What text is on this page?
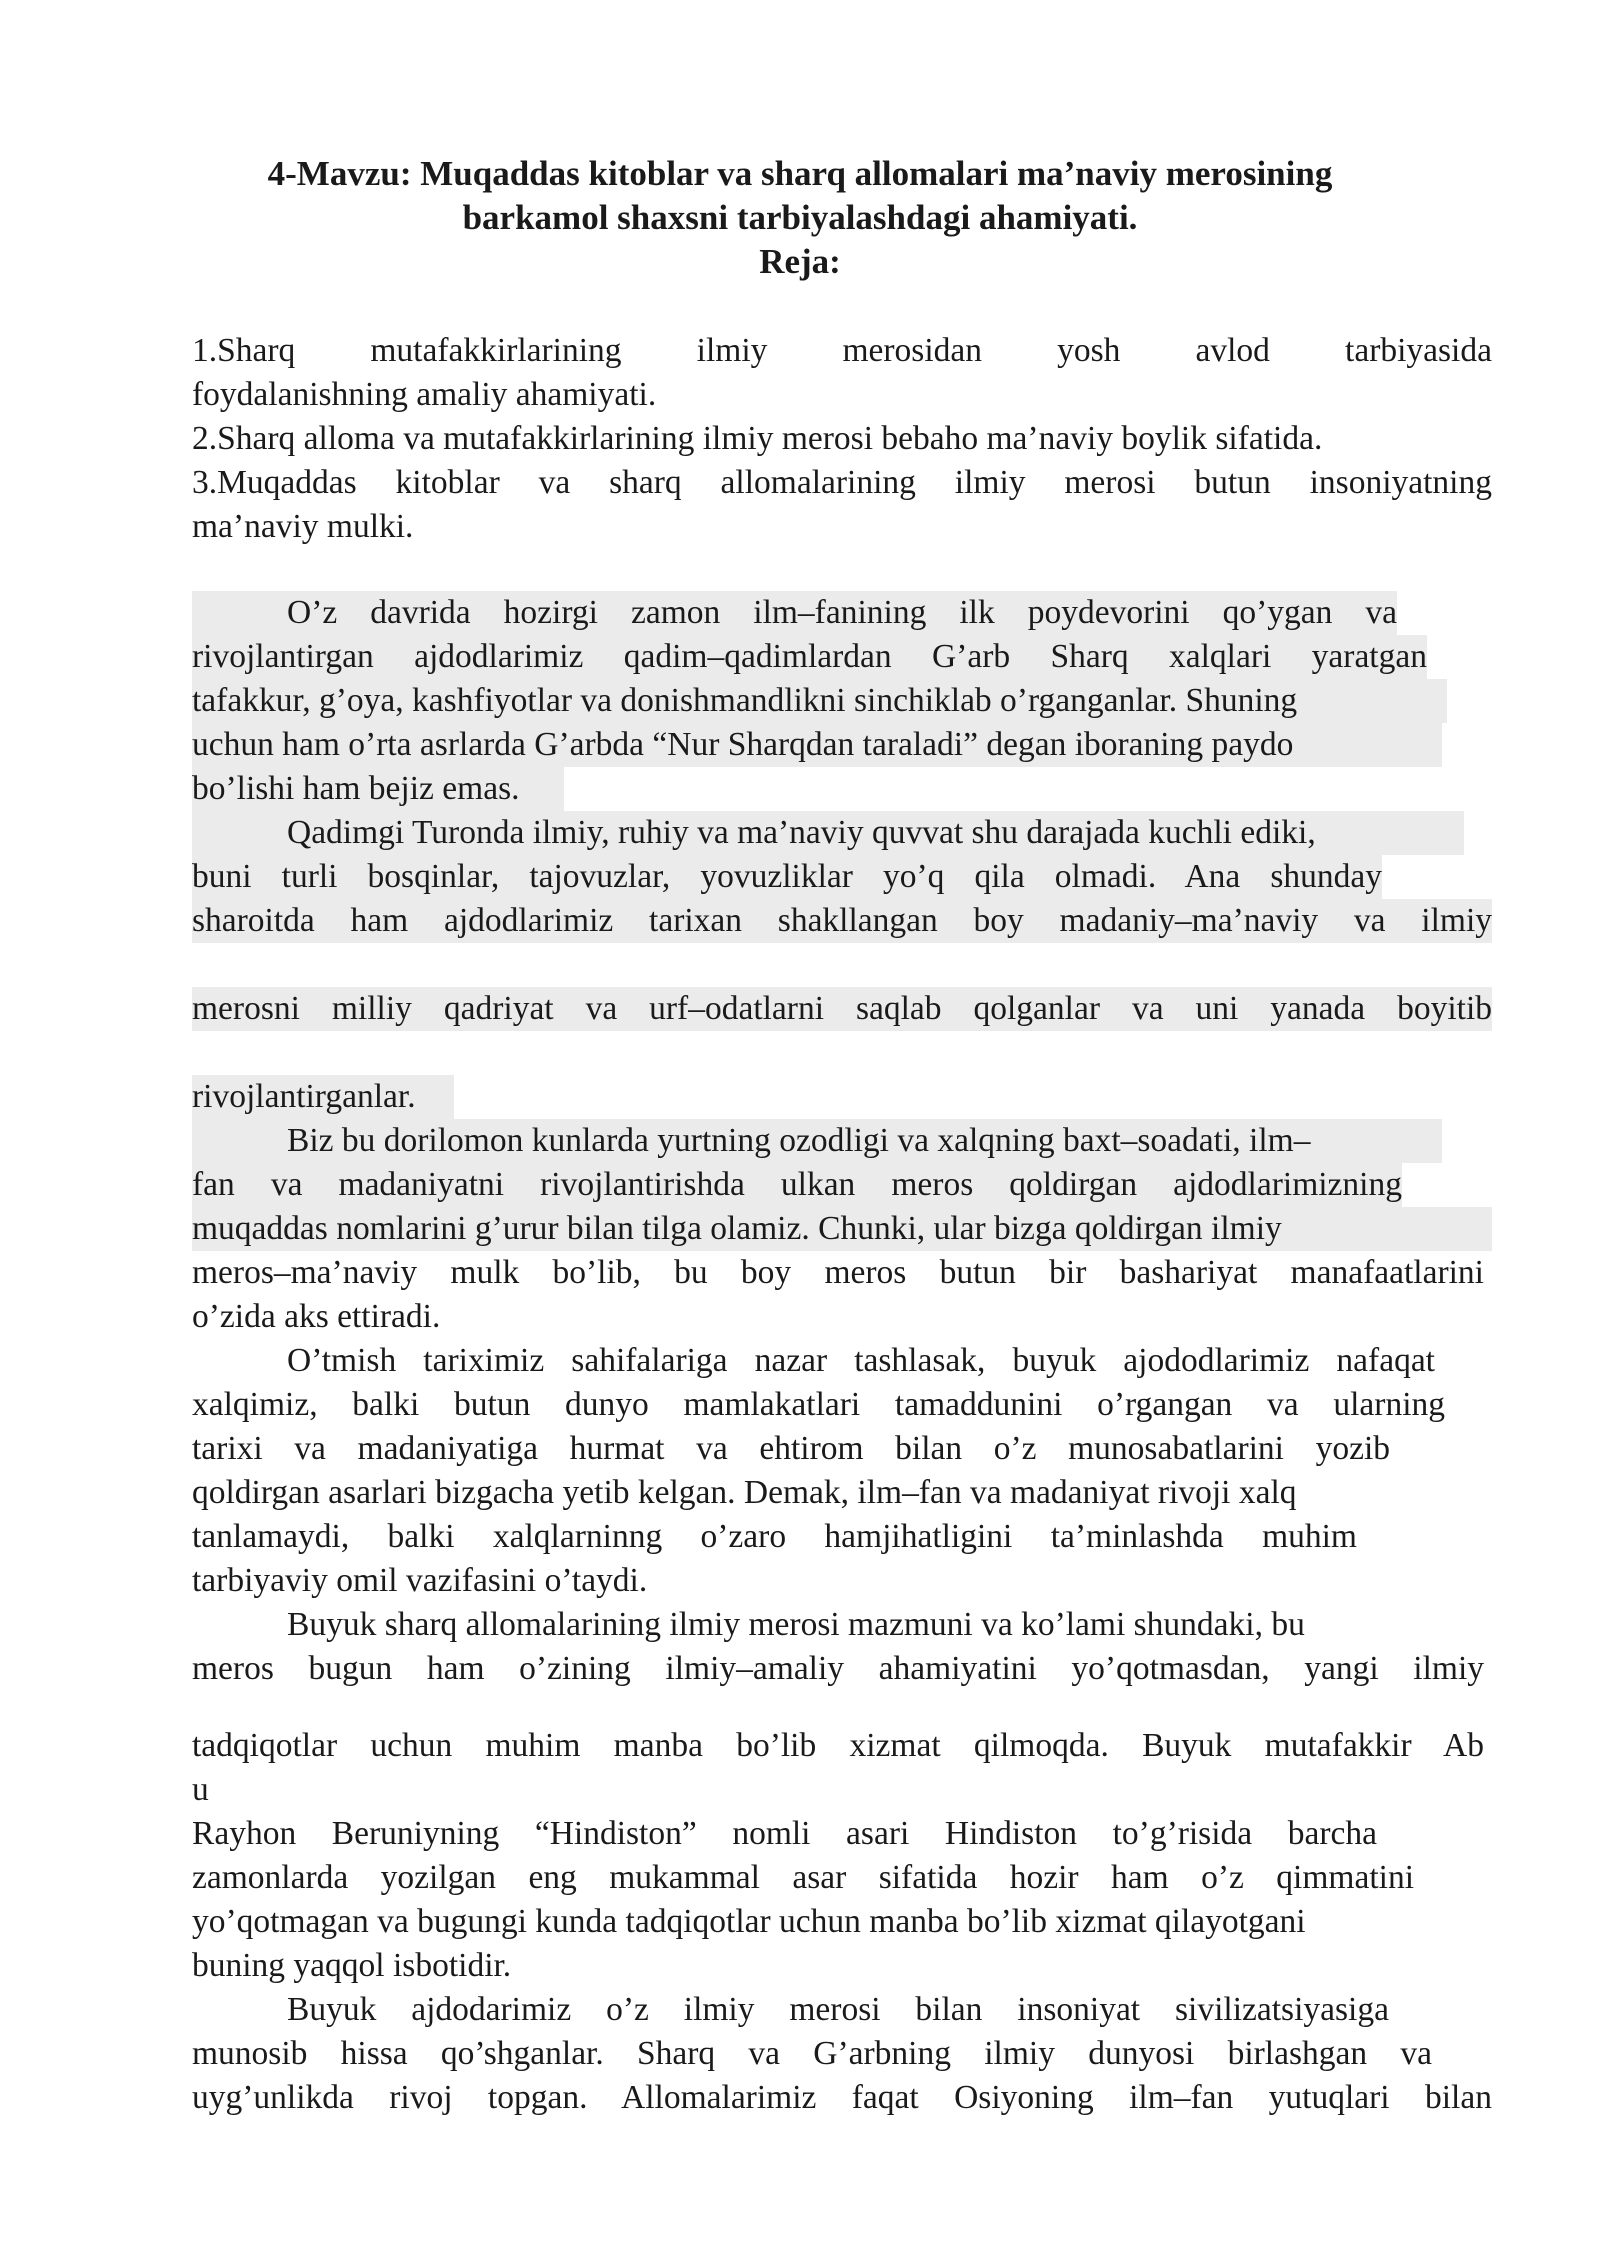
4-Mavzu: Muqaddas kitoblar va sharq allomalari ma’naviy merosining
barkamol shaxsni tarbiyalashdagi ahamiyati.
Reja:
1.Sharq mutafakkirlarining ilmiy merosidan yosh avlod tarbiyasida
foydalanishning amaliy ahamiyati.
2.Sharq alloma va mutafakkirlarining ilmiy merosi bebaho ma’naviy boylik sifatida.
3.Muqaddas kitoblar va sharq allomalarining ilmiy merosi butun insoniyatning
ma’naviy mulki.
O’z davrida hozirgi zamon ilm–fanining ilk poydevorini qo’ygan va
rivojlantirgan ajdodlarimiz qadim–qadimlardan G’arb Sharq xalqlari yaratgan
tafakkur, g’oya, kashfiyotlar va donishmandlikni sinchiklab o’rganganlar. Shuning
uchun ham o’rta asrlarda G’arbda “Nur Sharqdan taraladi” degan iboraning paydo
bo’lishi ham bejiz emas.
Qadimgi Turonda ilmiy, ruhiy va ma’naviy quvvat shu darajada kuchli ediki,
buni turli bosqinlar, tajovuzlar, yovuzliklar yo’q qila olmadi. Ana shunday
sharoitda ham ajdodlarimiz tarixan shakllangan boy madaniy–ma’naviy va ilmiy
merosni milliy qadriyat va urf–odatlarni saqlab qolganlar va uni yanada boyitib
rivojlantirganlar.
Biz bu dorilomon kunlarda yurtning ozodligi va xalqning baxt–soadati, ilm–
fan va madaniyatni rivojlantirishda ulkan meros qoldirgan ajdodlarimizning
muqaddas nomlarini g’urur bilan tilga olamiz. Chunki, ular bizga qoldirgan ilmiy
meros–ma’naviy mulk bo’lib, bu boy meros butun bir bashariyat manafaatlarini
o’zida aks ettiradi.
O’tmish tariximiz sahifalariga nazar tashlasak, buyuk ajododlarimiz nafaqat
xalqimiz, balki butun dunyo mamlakatlari tamaddunini o’rgangan va ularning
tarixi va madaniyatiga hurmat va ehtirom bilan o’z munosabatlarini yozib
qoldirgan asarlari bizgacha yetib kelgan. Demak, ilm–fan va madaniyat rivoji xalq
tanlamaydi, balki xalqlarninng o’zaro hamjihatligini ta’minlashda muhim
tarbiyaviy omil vazifasini o’taydi.
Buyuk sharq allomalarining ilmiy merosi mazmuni va ko’lami shundaki, bu
meros bugun ham o’zining ilmiy–amaliy ahamiyatini yo’qotmasdan, yangi ilmiy
tadqiqotlar uchun muhim manba bo’lib xizmat qilmoqda. Buyuk mutafakkir Ab
u
Rayhon Beruniyning “Hindiston” nomli asari Hindiston to’g’risida barcha
zamonlarda yozilgan eng mukammal asar sifatida hozir ham o’z qimmatini
yo’qotmagan va bugungi kunda tadqiqotlar uchun manba bo’lib xizmat qilayotgani
buning yaqqol isbotidir.
Buyuk ajdodarimiz o’z ilmiy merosi bilan insoniyat sivilizatsiyasiga
munosib hissa qo’shganlar. Sharq va G’arbning ilmiy dunyosi birlashgan va
uyg’unlikda rivoj topgan. Allomalarimiz faqat Osiyoning ilm–fan yutuqlari bilan
